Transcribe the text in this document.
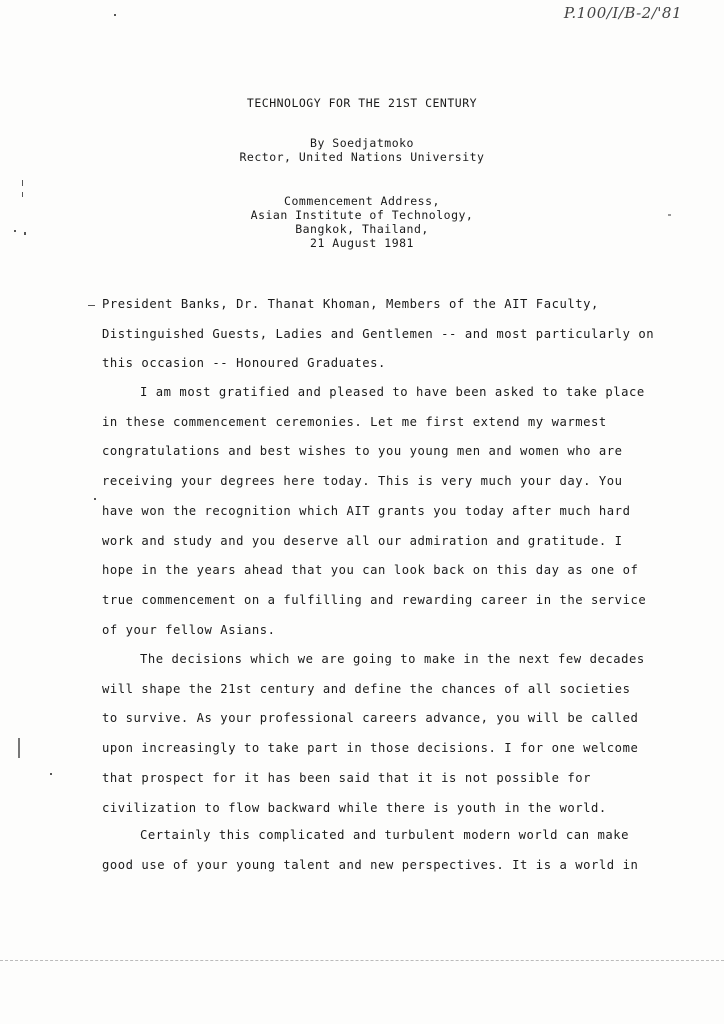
P.100/I/B-2/'81
TECHNOLOGY FOR THE 21ST CENTURY
By Soedjatmoko
Rector, United Nations University
Commencement Address,
Asian Institute of Technology,
Bangkok, Thailand,
21 August 1981
President Banks, Dr. Thanat Khoman, Members of the AIT Faculty,
Distinguished Guests, Ladies and Gentlemen -- and most particularly on
this occasion -- Honoured Graduates.
I am most gratified and pleased to have been asked to take place
in these commencement ceremonies. Let me first extend my warmest
congratulations and best wishes to you young men and women who are
receiving your degrees here today. This is very much your day. You
have won the recognition which AIT grants you today after much hard
work and study and you deserve all our admiration and gratitude. I
hope in the years ahead that you can look back on this day as one of
true commencement on a fulfilling and rewarding career in the service
of your fellow Asians.
The decisions which we are going to make in the next few decades
will shape the 21st century and define the chances of all societies
to survive. As your professional careers advance, you will be called
upon increasingly to take part in those decisions. I for one welcome
that prospect for it has been said that it is not possible for
civilization to flow backward while there is youth in the world.
Certainly this complicated and turbulent modern world can make
good use of your young talent and new perspectives. It is a world in
